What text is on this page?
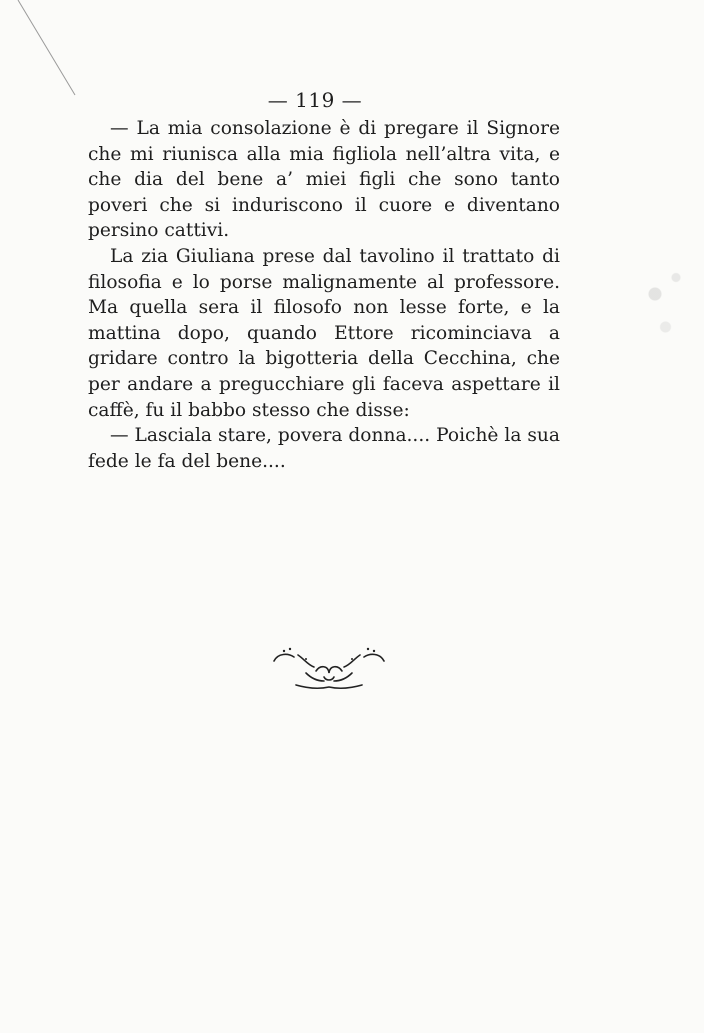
— 119 —

— La mia consolazione è di pregare il Signore che mi riunisca alla mia figliola nell’altra vita, e che dia del bene a’ miei figli che sono tanto poveri che si induriscono il cuore e diventano persino cattivi.

La zia Giuliana prese dal tavolino il trattato di filosofia e lo porse malignamente al professore. Ma quella sera il filosofo non lesse forte, e la mattina dopo, quando Ettore ricominciava a gridare contro la bigotteria della Cecchina, che per andare a pregucchiare gli faceva aspettare il caffè, fu il babbo stesso che disse:

— Lasciala stare, povera donna.... Poichè la sua fede le fa del bene....
